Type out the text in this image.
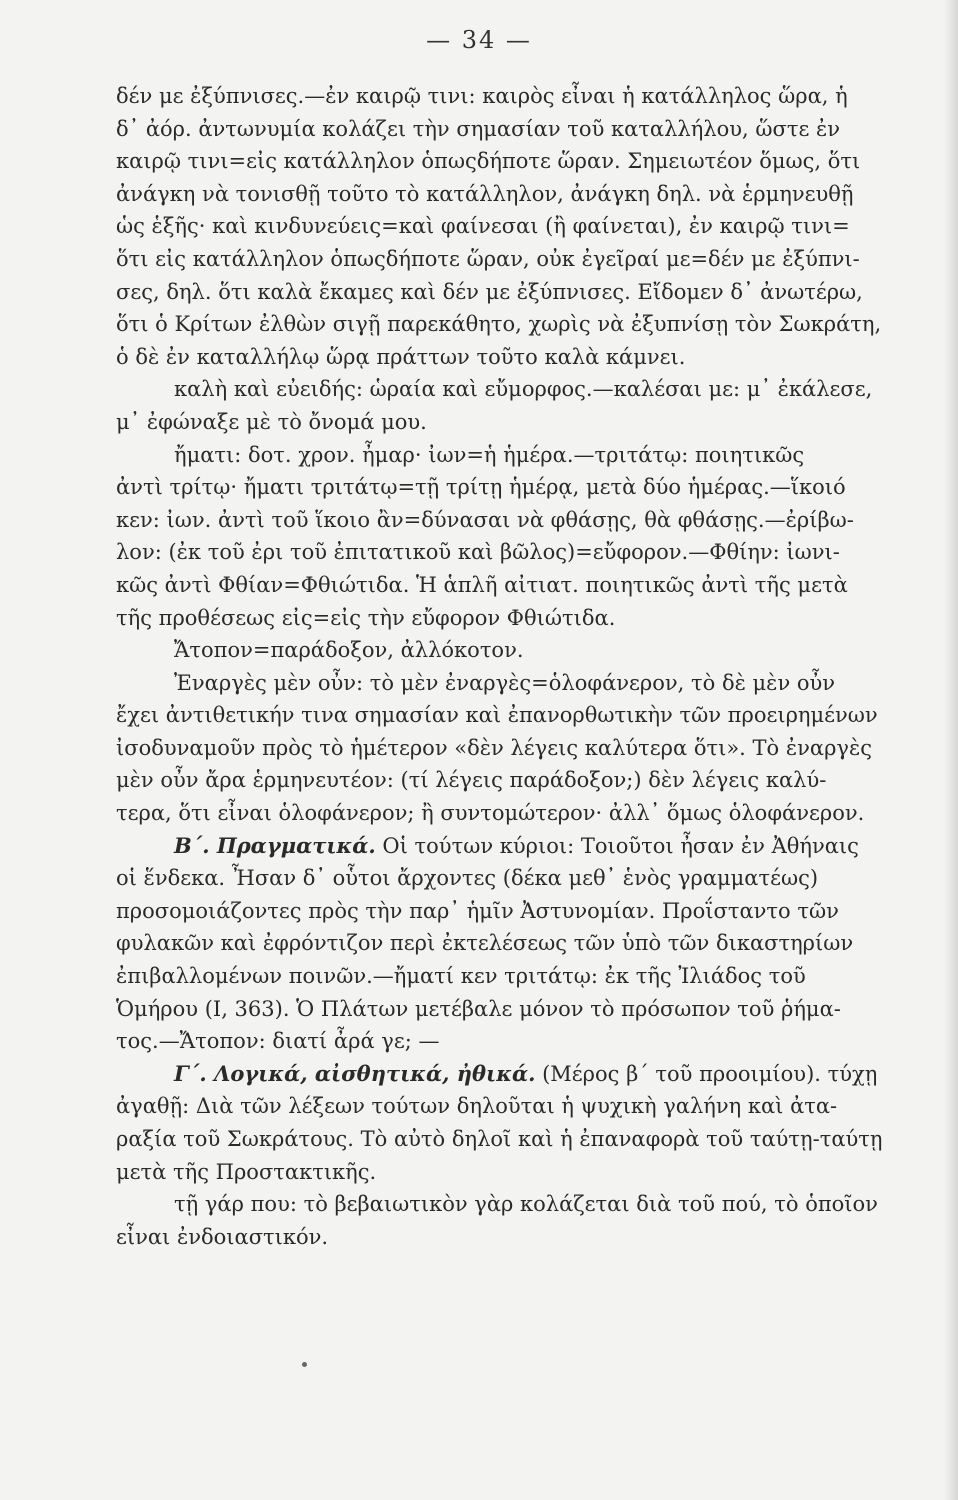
— 34 —
δέν με ἐξύπνισες.—ἐν καιρῷ τινι: καιρὸς εἶναι ἡ κατάλληλος ὥρα, ἡ
δ᾽ ἀόρ. ἀντωνυμία κολάζει τὴν σημασίαν τοῦ καταλλήλου, ὥστε ἐν
καιρῷ τινι=εἰς κατάλληλον ὁπωςδήποτε ὥραν. Σημειωτέον ὅμως, ὅτι
ἀνάγκη νὰ τονισθῇ τοῦτο τὸ κατάλληλον, ἀνάγκη δηλ. νὰ ἑρμηνευθῇ
ὡς ἑξῆς· καὶ κινδυνεύεις=καὶ φαίνεσαι (ἢ φαίνεται), ἐν καιρῷ τινι=
ὅτι εἰς κατάλληλον ὁπωςδήποτε ὥραν, οὐκ ἐγεῖραί με=δέν με ἐξύπνι-
σες, δηλ. ὅτι καλὰ ἔκαμες καὶ δέν με ἐξύπνισες. Εἴδομεν δ᾽ ἀνωτέρω,
ὅτι ὁ Κρίτων ἐλθὼν σιγῇ παρεκάθητο, χωρὶς νὰ ἐξυπνίσῃ τὸν Σωκράτη,
ὁ δὲ ἐν καταλλήλῳ ὥρᾳ πράττων τοῦτο καλὰ κάμνει.
καλὴ καὶ εὐειδής: ὡραία καὶ εὔμορφος.—καλέσαι με: μ᾽ ἐκάλεσε,
μ᾽ ἐφώναξε μὲ τὸ ὄνομά μου.
ἤματι: δοτ. χρον. ἦμαρ· ἰων=ἡ ἡμέρα.—τριτάτῳ: ποιητικῶς
ἀντὶ τρίτῳ· ἤματι τριτάτῳ=τῇ τρίτῃ ἡμέρᾳ, μετὰ δύο ἡμέρας.—ἵκοιό
κεν: ἰων. ἀντὶ τοῦ ἵκοιο ἂν=δύνασαι νὰ φθάσῃς, θὰ φθάσῃς.—ἐρίβω-
λον: (ἐκ τοῦ ἐρι τοῦ ἐπιτατικοῦ καὶ βῶλος)=εὔφορον.—Φθίην: ἰωνι-
κῶς ἀντὶ Φθίαν=Φθιώτιδα. Ἡ ἁπλῆ αἰτιατ. ποιητικῶς ἀντὶ τῆς μετὰ
τῆς προθέσεως εἰς=εἰς τὴν εὔφορον Φθιώτιδα.
Ἄτοπον=παράδοξον, ἀλλόκοτον.
Ἐναργὲς μὲν οὖν: τὸ μὲν ἐναργὲς=ὁλοφάνερον, τὸ δὲ μὲν οὖν
ἔχει ἀντιθετικήν τινα σημασίαν καὶ ἐπανορθωτικὴν τῶν προειρημένων
ἰσοδυναμοῦν πρὸς τὸ ἡμέτερον «δὲν λέγεις καλύτερα ὅτι». Τὸ ἐναργὲς
μὲν οὖν ἄρα ἑρμηνευτέον: (τί λέγεις παράδοξον;) δὲν λέγεις καλύ-
τερα, ὅτι εἶναι ὁλοφάνερον; ἢ συντομώτερον· ἀλλ᾽ ὅμως ὁλοφάνερον.
Β΄. Πραγματικά. Οἱ τούτων κύριοι: Τοιοῦτοι ἦσαν ἐν Ἀθήναις
οἱ ἕνδεκα. Ἦσαν δ᾽ οὗτοι ἄρχοντες (δέκα μεθ᾽ ἑνὸς γραμματέως)
προσομοιάζοντες πρὸς τὴν παρ᾽ ἡμῖν Ἀστυνομίαν. Προΐσταντο τῶν
φυλακῶν καὶ ἐφρόντιζον περὶ ἐκτελέσεως τῶν ὑπὸ τῶν δικαστηρίων
ἐπιβαλλομένων ποινῶν.—ἤματί κεν τριτάτῳ: ἐκ τῆς Ἰλιάδος τοῦ
Ὁμήρου (Ι, 363). Ὁ Πλάτων μετέβαλε μόνον τὸ πρόσωπον τοῦ ῥήμα-
τος.—Ἄτοπον: διατί ἆρά γε; —
Γ΄. Λογικά, αἰσθητικά, ἠθικά. (Μέρος β΄ τοῦ προοιμίου). τύχῃ
ἀγαθῇ: Διὰ τῶν λέξεων τούτων δηλοῦται ἡ ψυχικὴ γαλήνη καὶ ἀτα-
ραξία τοῦ Σωκράτους. Τὸ αὐτὸ δηλοῖ καὶ ἡ ἐπαναφορὰ τοῦ ταύτῃ-ταύτῃ
μετὰ τῆς Προστακτικῆς.
τῇ γάρ που: τὸ βεβαιωτικὸν γὰρ κολάζεται διὰ τοῦ πού, τὸ ὁποῖον
εἶναι ἐνδοιαστικόν.
